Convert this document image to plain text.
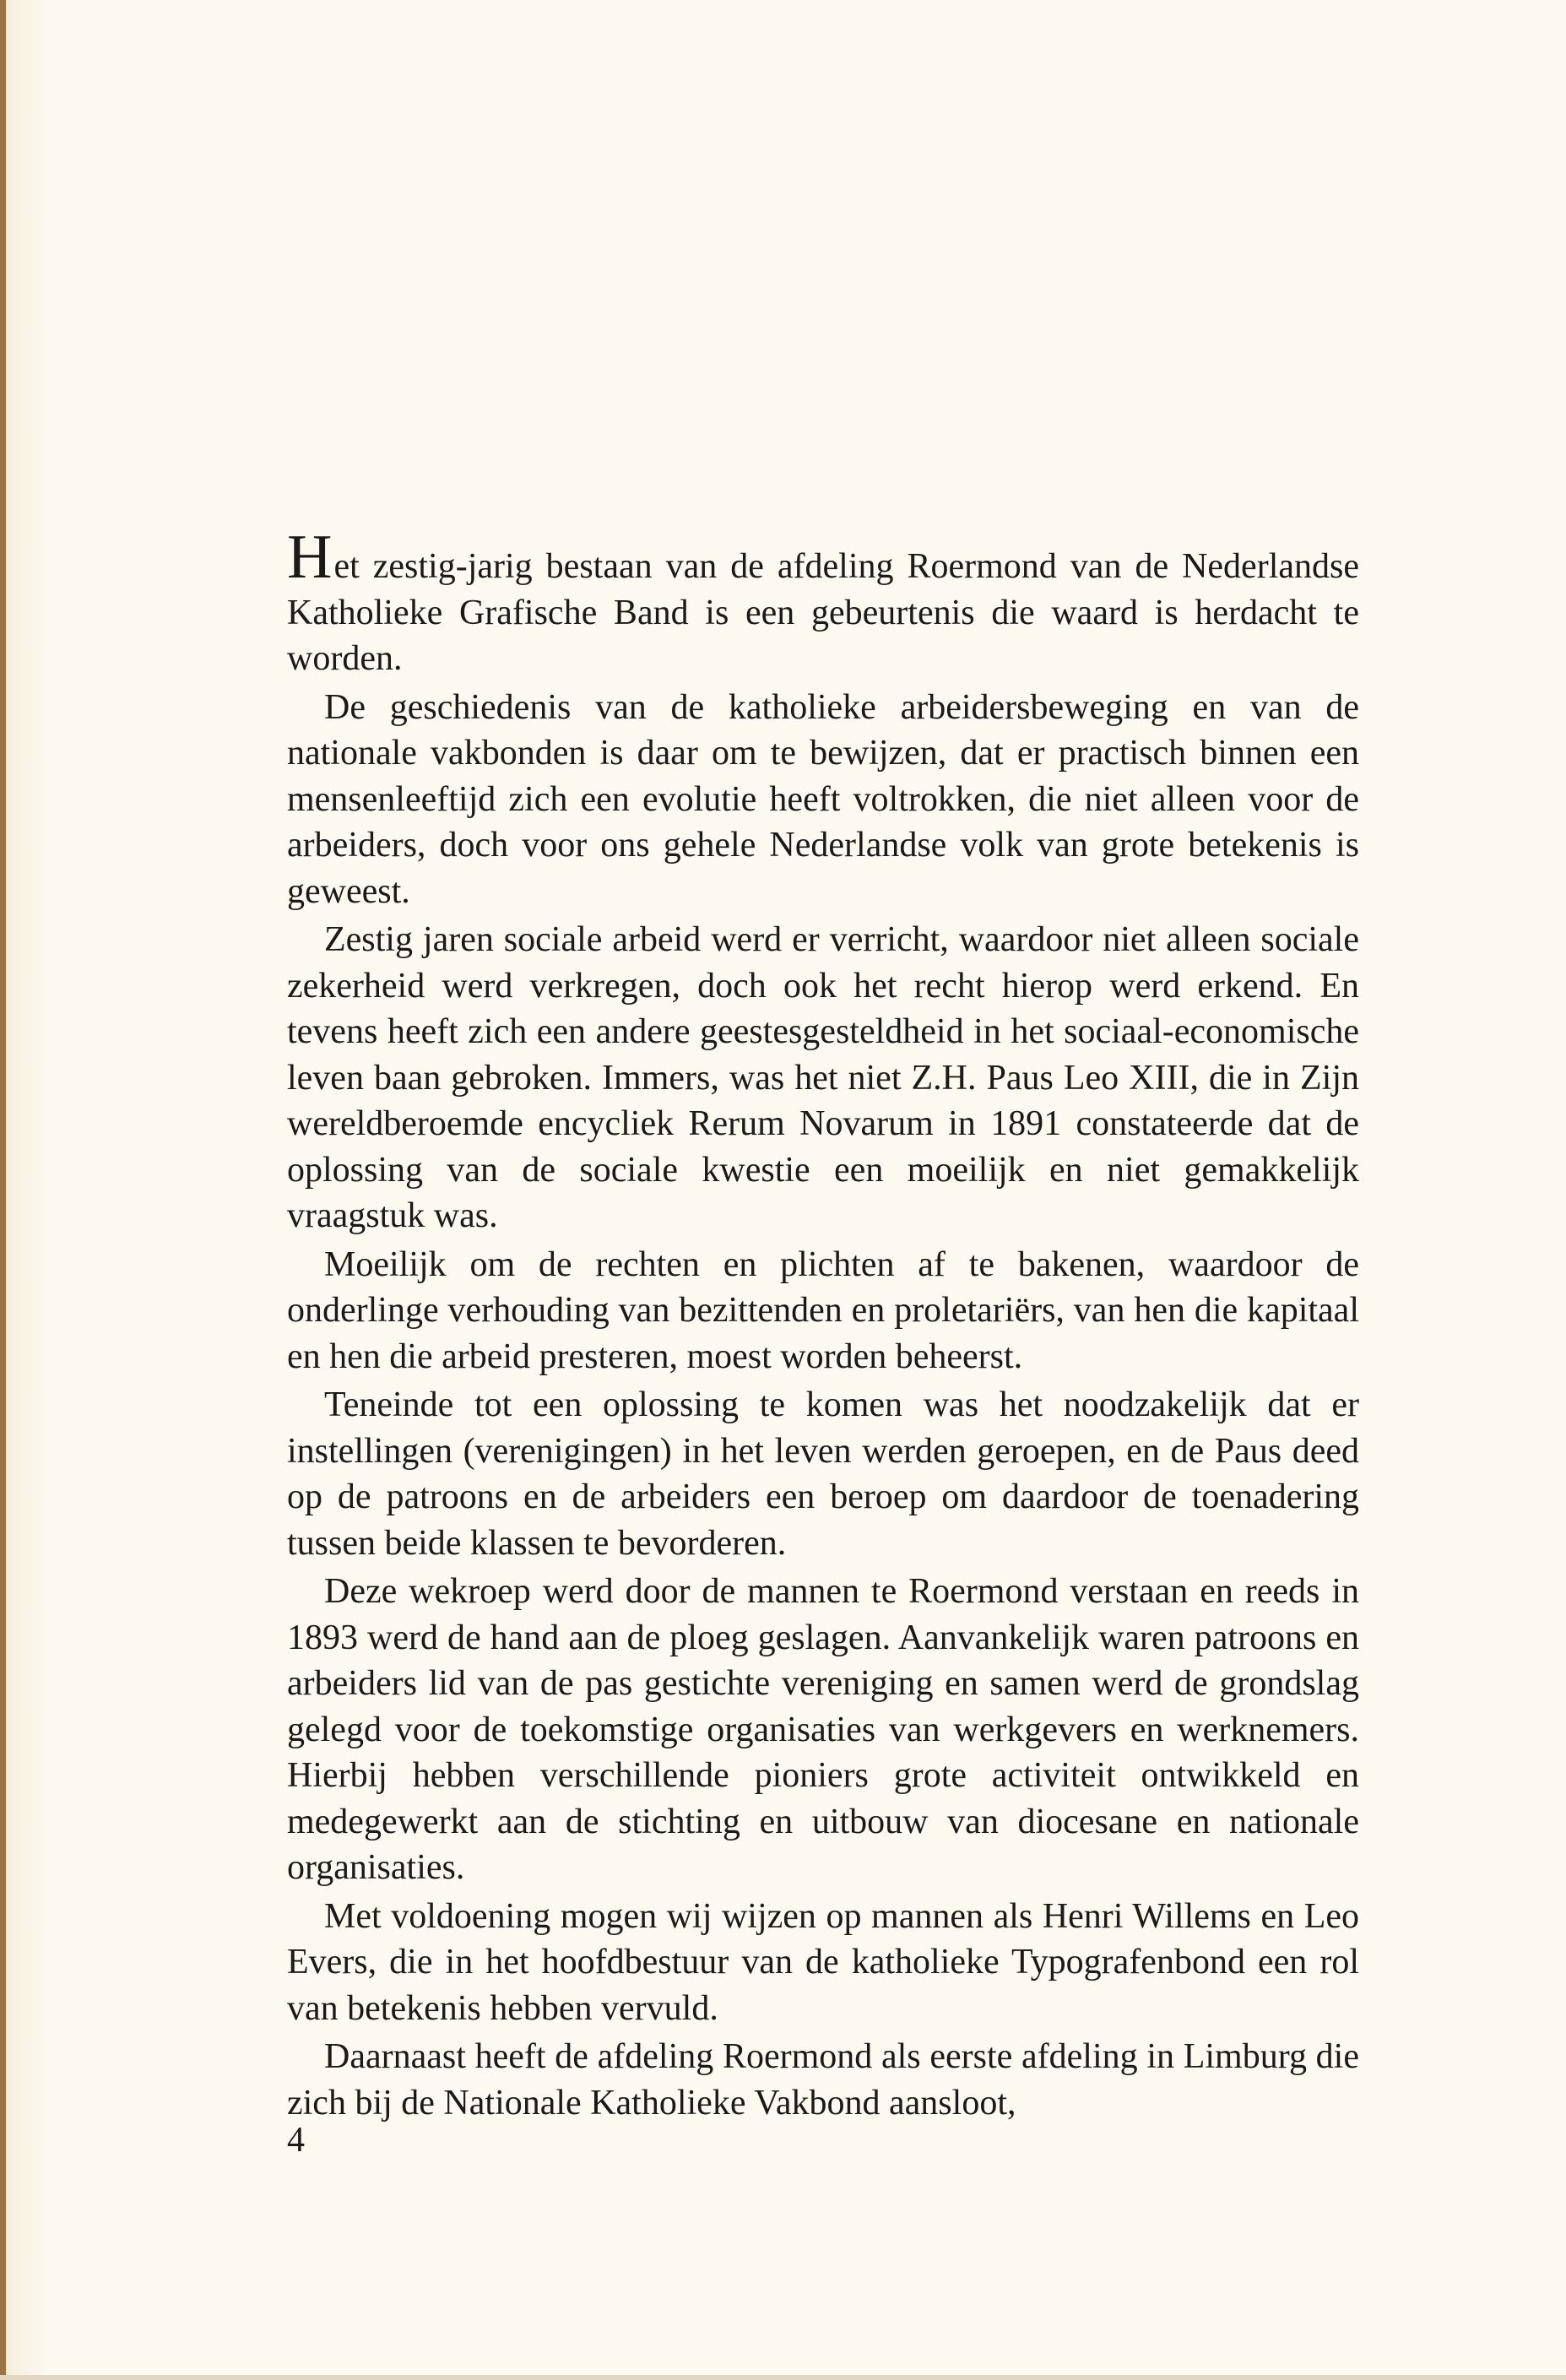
Het zestig-jarig bestaan van de afdeling Roermond van de Nederlandse Katholieke Grafische Band is een gebeurtenis die waard is herdacht te worden.

De geschiedenis van de katholieke arbeidersbeweging en van de nationale vakbonden is daar om te bewijzen, dat er practisch binnen een mensenleeftijd zich een evolutie heeft voltrokken, die niet alleen voor de arbeiders, doch voor ons gehele Nederlandse volk van grote betekenis is geweest.

Zestig jaren sociale arbeid werd er verricht, waardoor niet alleen sociale zekerheid werd verkregen, doch ook het recht hierop werd erkend. En tevens heeft zich een andere geestesgesteldheid in het sociaal-economische leven baan gebroken. Immers, was het niet Z.H. Paus Leo XIII, die in Zijn wereldberoemde encycliek Rerum Novarum in 1891 constateerde dat de oplossing van de sociale kwestie een moeilijk en niet gemakkelijk vraagstuk was.

Moeilijk om de rechten en plichten af te bakenen, waardoor de onderlinge verhouding van bezittenden en proletariërs, van hen die kapitaal en hen die arbeid presteren, moest worden beheerst.

Teneinde tot een oplossing te komen was het noodzakelijk dat er instellingen (verenigingen) in het leven werden geroepen, en de Paus deed op de patroons en de arbeiders een beroep om daardoor de toenadering tussen beide klassen te bevorderen.

Deze wekroep werd door de mannen te Roermond verstaan en reeds in 1893 werd de hand aan de ploeg geslagen. Aanvankelijk waren patroons en arbeiders lid van de pas gestichte vereniging en samen werd de grondslag gelegd voor de toekomstige organisaties van werkgevers en werknemers. Hierbij hebben verschillende pioniers grote activiteit ontwikkeld en medegewerkt aan de stichting en uitbouw van diocesane en nationale organisaties.

Met voldoening mogen wij wijzen op mannen als Henri Willems en Leo Evers, die in het hoofdbestuur van de katholieke Typografenbond een rol van betekenis hebben vervuld.

Daarnaast heeft de afdeling Roermond als eerste afdeling in Limburg die zich bij de Nationale Katholieke Vakbond aansloot,

4
